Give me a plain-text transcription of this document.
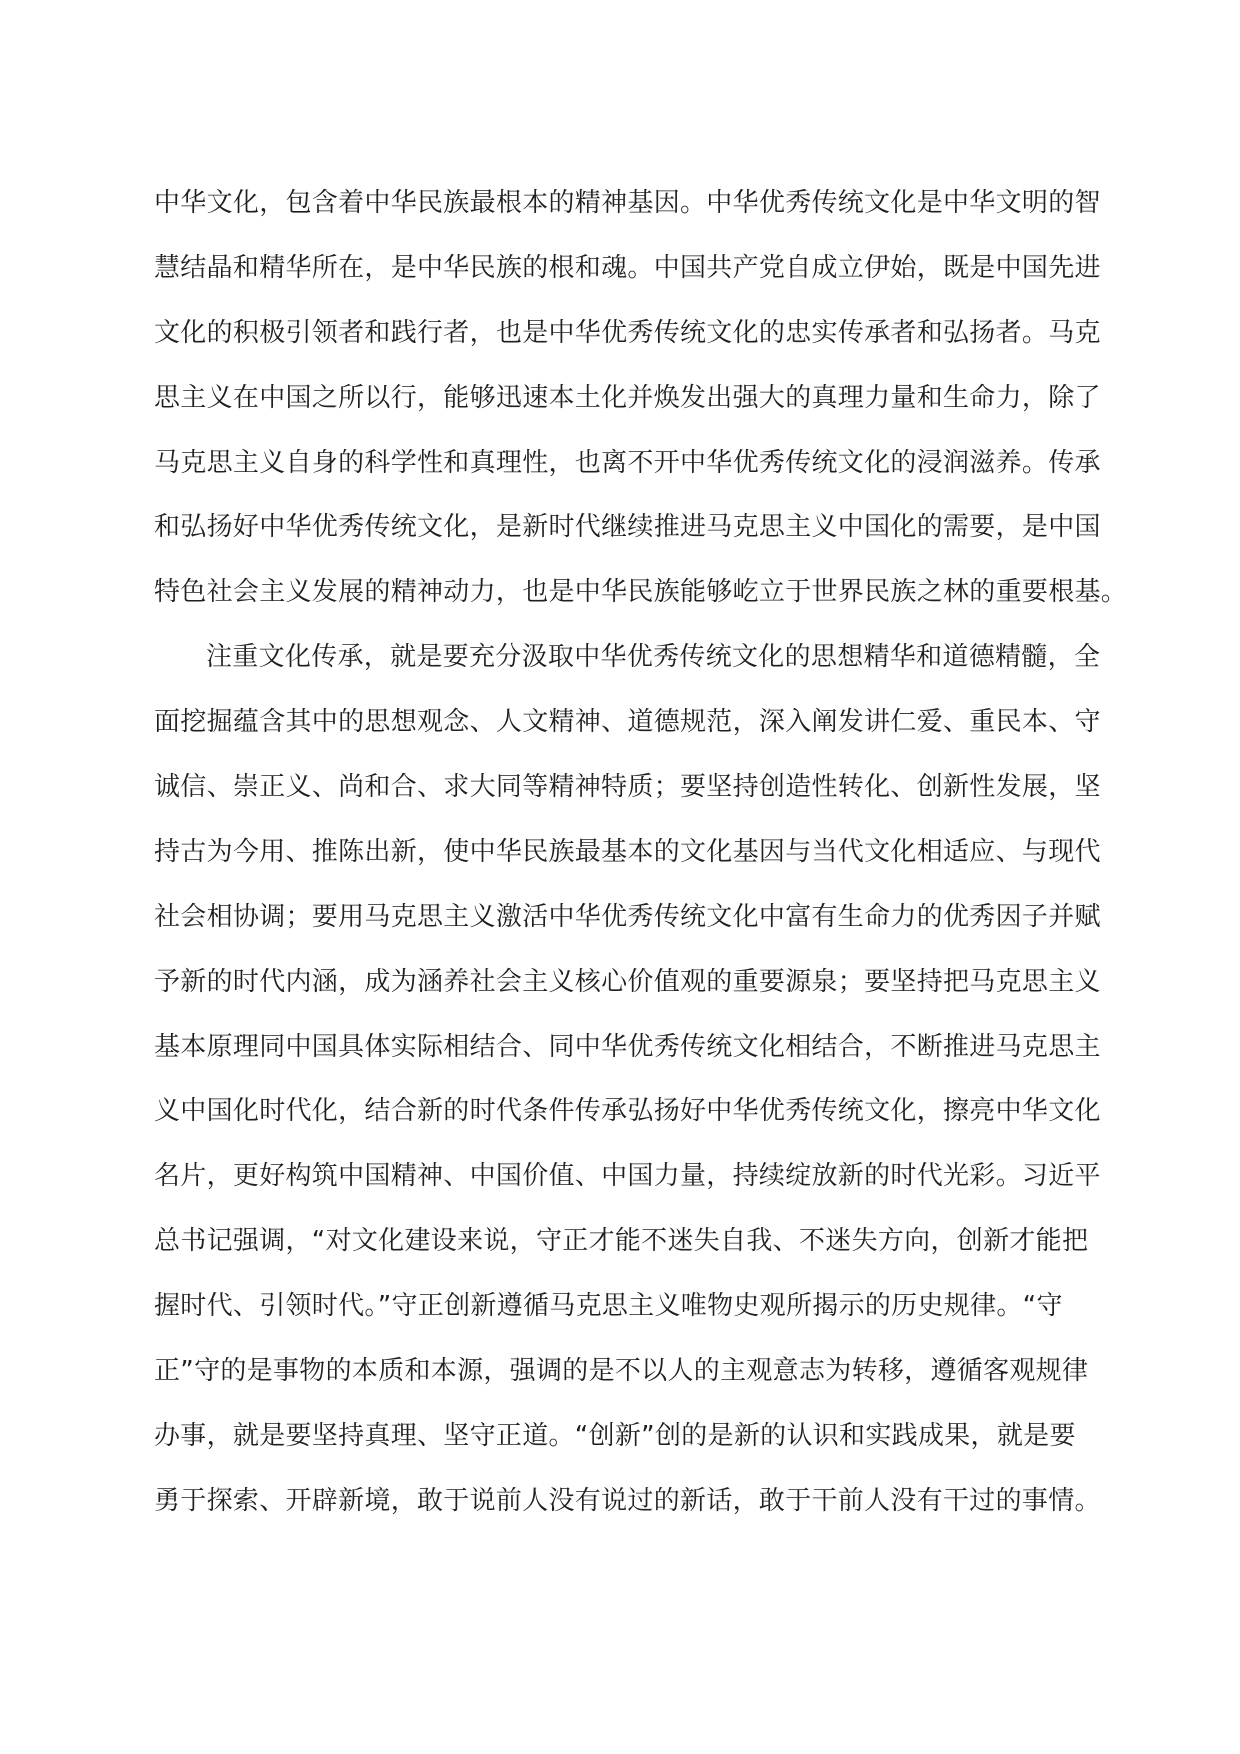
中华文化，包含着中华民族最根本的精神基因。中华优秀传统文化是中华文明的智
慧结晶和精华所在，是中华民族的根和魂。中国共产党自成立伊始，既是中国先进
文化的积极引领者和践行者，也是中华优秀传统文化的忠实传承者和弘扬者。马克
思主义在中国之所以行，能够迅速本土化并焕发出强大的真理力量和生命力，除了
马克思主义自身的科学性和真理性，也离不开中华优秀传统文化的浸润滋养。传承
和弘扬好中华优秀传统文化，是新时代继续推进马克思主义中国化的需要，是中国
特色社会主义发展的精神动力，也是中华民族能够屹立于世界民族之林的重要根基。
注重文化传承，就是要充分汲取中华优秀传统文化的思想精华和道德精髓，全
面挖掘蕴含其中的思想观念、人文精神、道德规范，深入阐发讲仁爱、重民本、守
诚信、崇正义、尚和合、求大同等精神特质；要坚持创造性转化、创新性发展，坚
持古为今用、推陈出新，使中华民族最基本的文化基因与当代文化相适应、与现代
社会相协调；要用马克思主义激活中华优秀传统文化中富有生命力的优秀因子并赋
予新的时代内涵，成为涵养社会主义核心价值观的重要源泉；要坚持把马克思主义
基本原理同中国具体实际相结合、同中华优秀传统文化相结合，不断推进马克思主
义中国化时代化，结合新的时代条件传承弘扬好中华优秀传统文化，擦亮中华文化
名片，更好构筑中国精神、中国价值、中国力量，持续绽放新的时代光彩。习近平
总书记强调，“对文化建设来说，守正才能不迷失自我、不迷失方向，创新才能把
握时代、引领时代。”守正创新遵循马克思主义唯物史观所揭示的历史规律。“守
正”守的是事物的本质和本源，强调的是不以人的主观意志为转移，遵循客观规律
办事，就是要坚持真理、坚守正道。“创新”创的是新的认识和实践成果，就是要
勇于探索、开辟新境，敢于说前人没有说过的新话，敢于干前人没有干过的事情。
